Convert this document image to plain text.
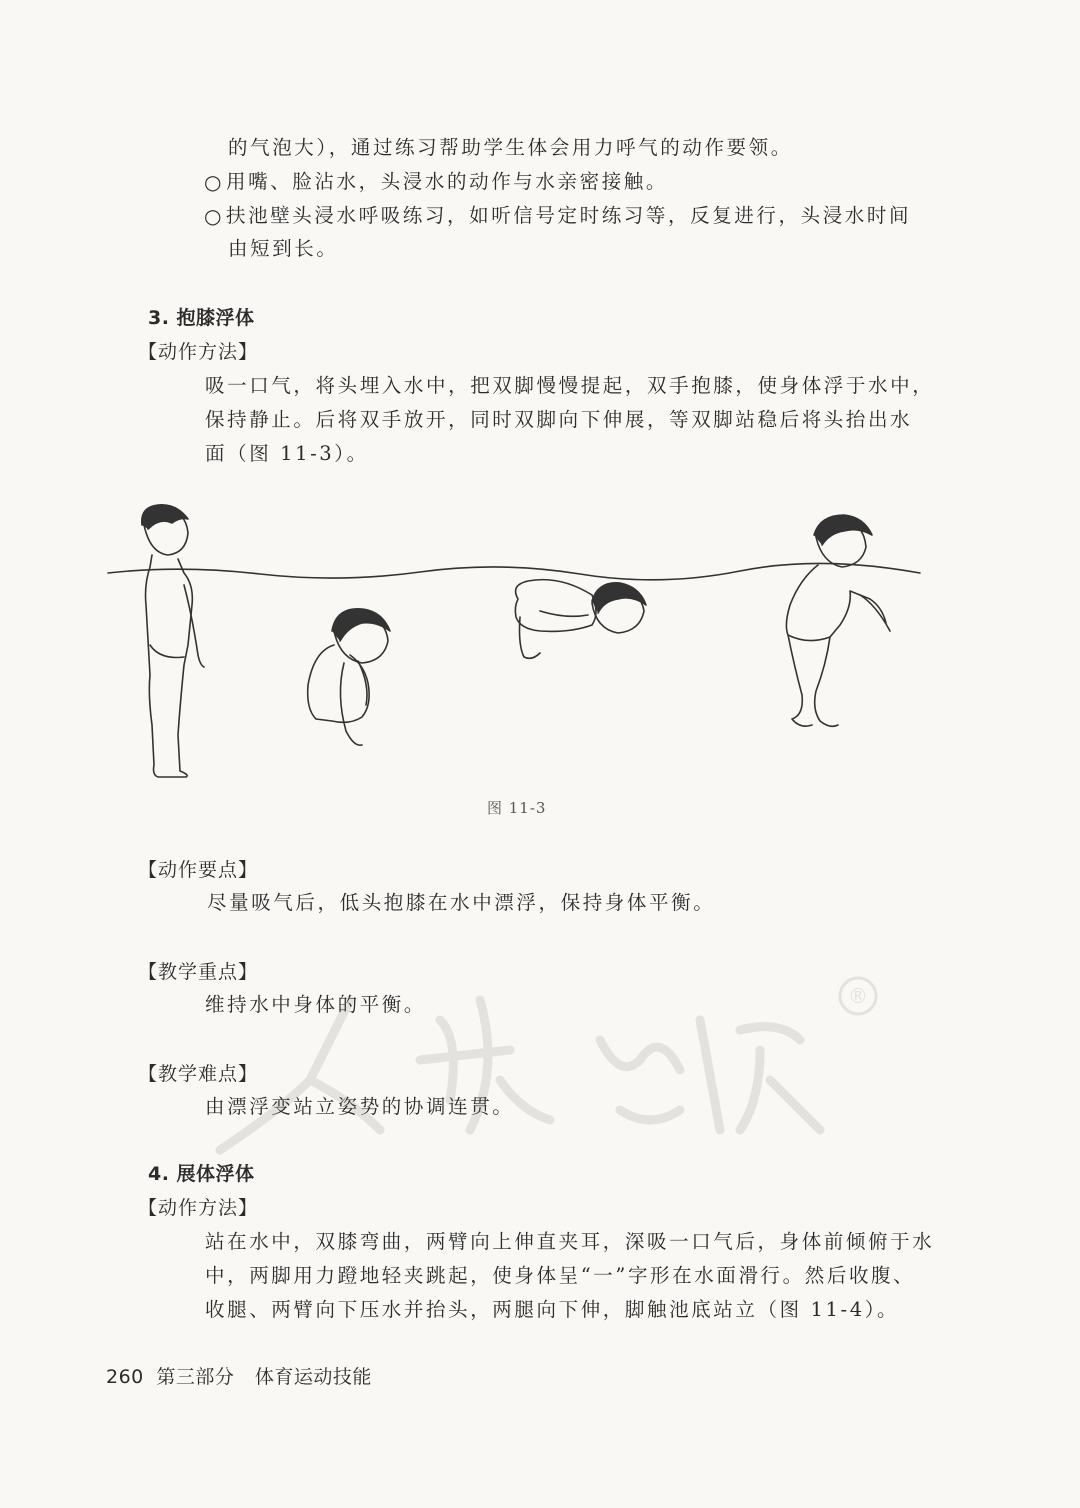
的气泡大），通过练习帮助学生体会用力呼气的动作要领。
○ 用嘴、脸沾水，头浸水的动作与水亲密接触。
○ 扶池壁头浸水呼吸练习，如听信号定时练习等，反复进行，头浸水时间
由短到长。
3. 抱膝浮体
【动作方法】
吸一口气，将头埋入水中，把双脚慢慢提起，双手抱膝，使身体浮于水中，
保持静止。后将双手放开，同时双脚向下伸展，等双脚站稳后将头抬出水
面（图 11-3）。
图 11-3
【动作要点】
尽量吸气后，低头抱膝在水中漂浮，保持身体平衡。
【教学重点】
维持水中身体的平衡。
【教学难点】
由漂浮变站立姿势的协调连贯。
®
4. 展体浮体
【动作方法】
站在水中，双膝弯曲，两臂向上伸直夹耳，深吸一口气后，身体前倾俯于水
中，两脚用力蹬地轻夹跳起，使身体呈“一”字形在水面滑行。然后收腹、
收腿、两臂向下压水并抬头，两腿向下伸，脚触池底站立（图 11-4）。
260 第三部分 体育运动技能
